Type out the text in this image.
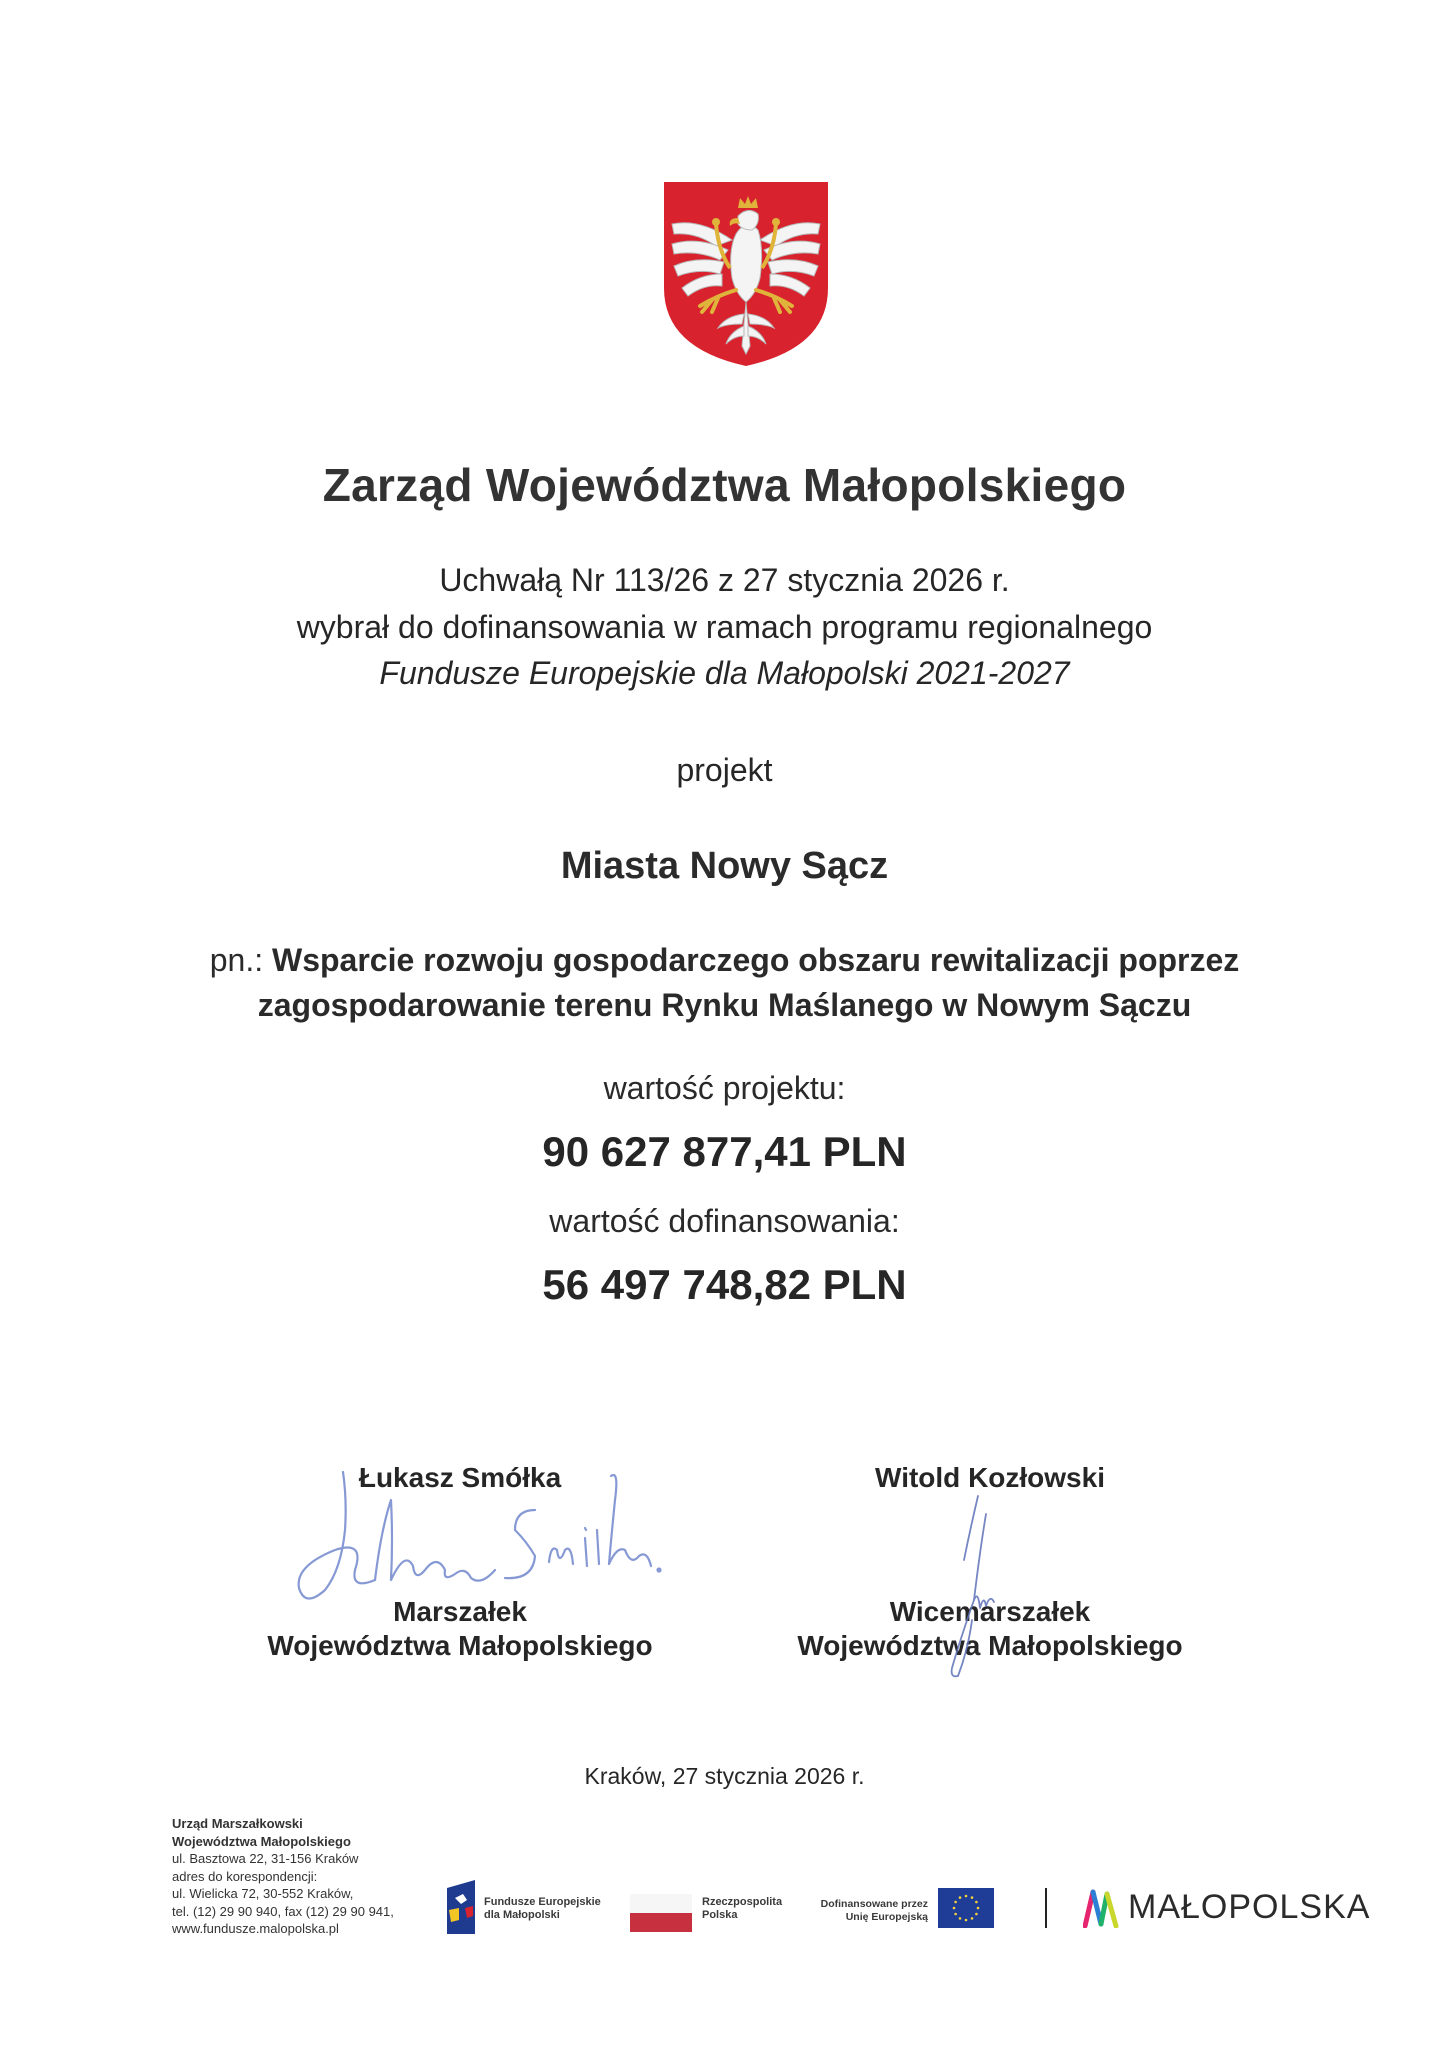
Zarząd Województwa Małopolskiego
Uchwałą Nr 113/26 z 27 stycznia 2026 r.
wybrał do dofinansowania w ramach programu regionalnego
Fundusze Europejskie dla Małopolski 2021-2027
projekt
Miasta Nowy Sącz
pn.: Wsparcie rozwoju gospodarczego obszaru rewitalizacji poprzez
zagospodarowanie terenu Rynku Maślanego w Nowym Sączu
wartość projektu:
90 627 877,41 PLN
wartość dofinansowania:
56 497 748,82 PLN
Łukasz Smółka
Marszałek
Województwa Małopolskiego
Witold Kozłowski
Wicemarszałek
Województwa Małopolskiego
Kraków, 27 stycznia 2026 r.
Urząd Marszałkowski
Województwa Małopolskiego
ul. Basztowa 22, 31-156 Kraków
adres do korespondencji:
ul. Wielicka 72, 30-552 Kraków,
tel. (12) 29 90 940, fax (12) 29 90 941,
www.fundusze.malopolska.pl
Fundusze Europejskie
dla Małopolski
Rzeczpospolita
Polska
Dofinansowane przez
Unię Europejską	MAŁOPOLSKA
